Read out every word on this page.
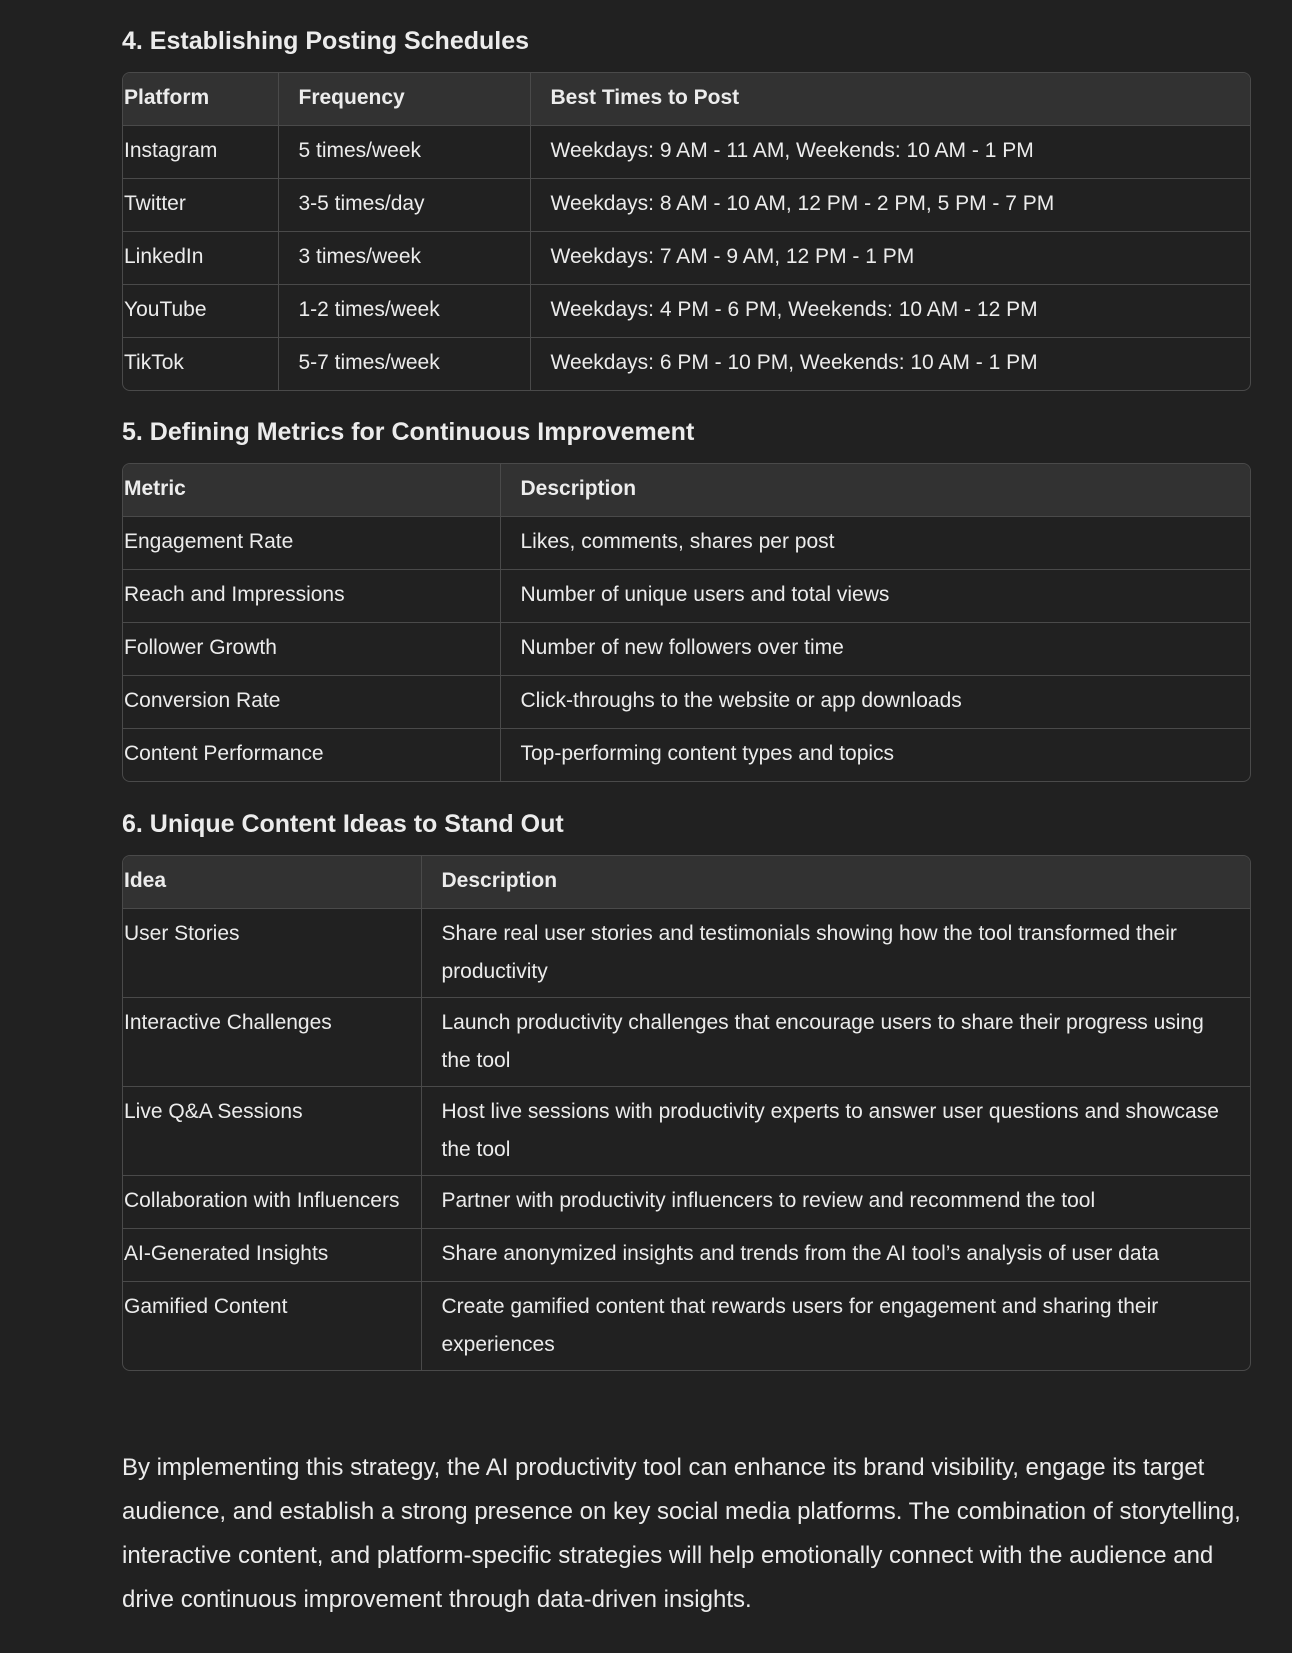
4. Establishing Posting Schedules
Platform	Frequency	Best Times to Post
Instagram	5 times/week	Weekdays: 9 AM - 11 AM, Weekends: 10 AM - 1 PM
Twitter	3-5 times/day	Weekdays: 8 AM - 10 AM, 12 PM - 2 PM, 5 PM - 7 PM
LinkedIn	3 times/week	Weekdays: 7 AM - 9 AM, 12 PM - 1 PM
YouTube	1-2 times/week	Weekdays: 4 PM - 6 PM, Weekends: 10 AM - 12 PM
TikTok	5-7 times/week	Weekdays: 6 PM - 10 PM, Weekends: 10 AM - 1 PM
5. Defining Metrics for Continuous Improvement
Metric	Description
Engagement Rate	Likes, comments, shares per post
Reach and Impressions	Number of unique users and total views
Follower Growth	Number of new followers over time
Conversion Rate	Click-throughs to the website or app downloads
Content Performance	Top-performing content types and topics
6. Unique Content Ideas to Stand Out
Idea	Description
User Stories	Share real user stories and testimonials showing how the tool transformed their productivity
Interactive Challenges	Launch productivity challenges that encourage users to share their progress using the tool
Live Q&A Sessions	Host live sessions with productivity experts to answer user questions and showcase the tool
Collaboration with Influencers	Partner with productivity influencers to review and recommend the tool
AI-Generated Insights	Share anonymized insights and trends from the AI tool’s analysis of user data
Gamified Content	Create gamified content that rewards users for engagement and sharing their experiences

By implementing this strategy, the AI productivity tool can enhance its brand visibility, engage its target audience, and establish a strong presence on key social media platforms. The combination of storytelling, interactive content, and platform-specific strategies will help emotionally connect with the audience and drive continuous improvement through data-driven insights.
